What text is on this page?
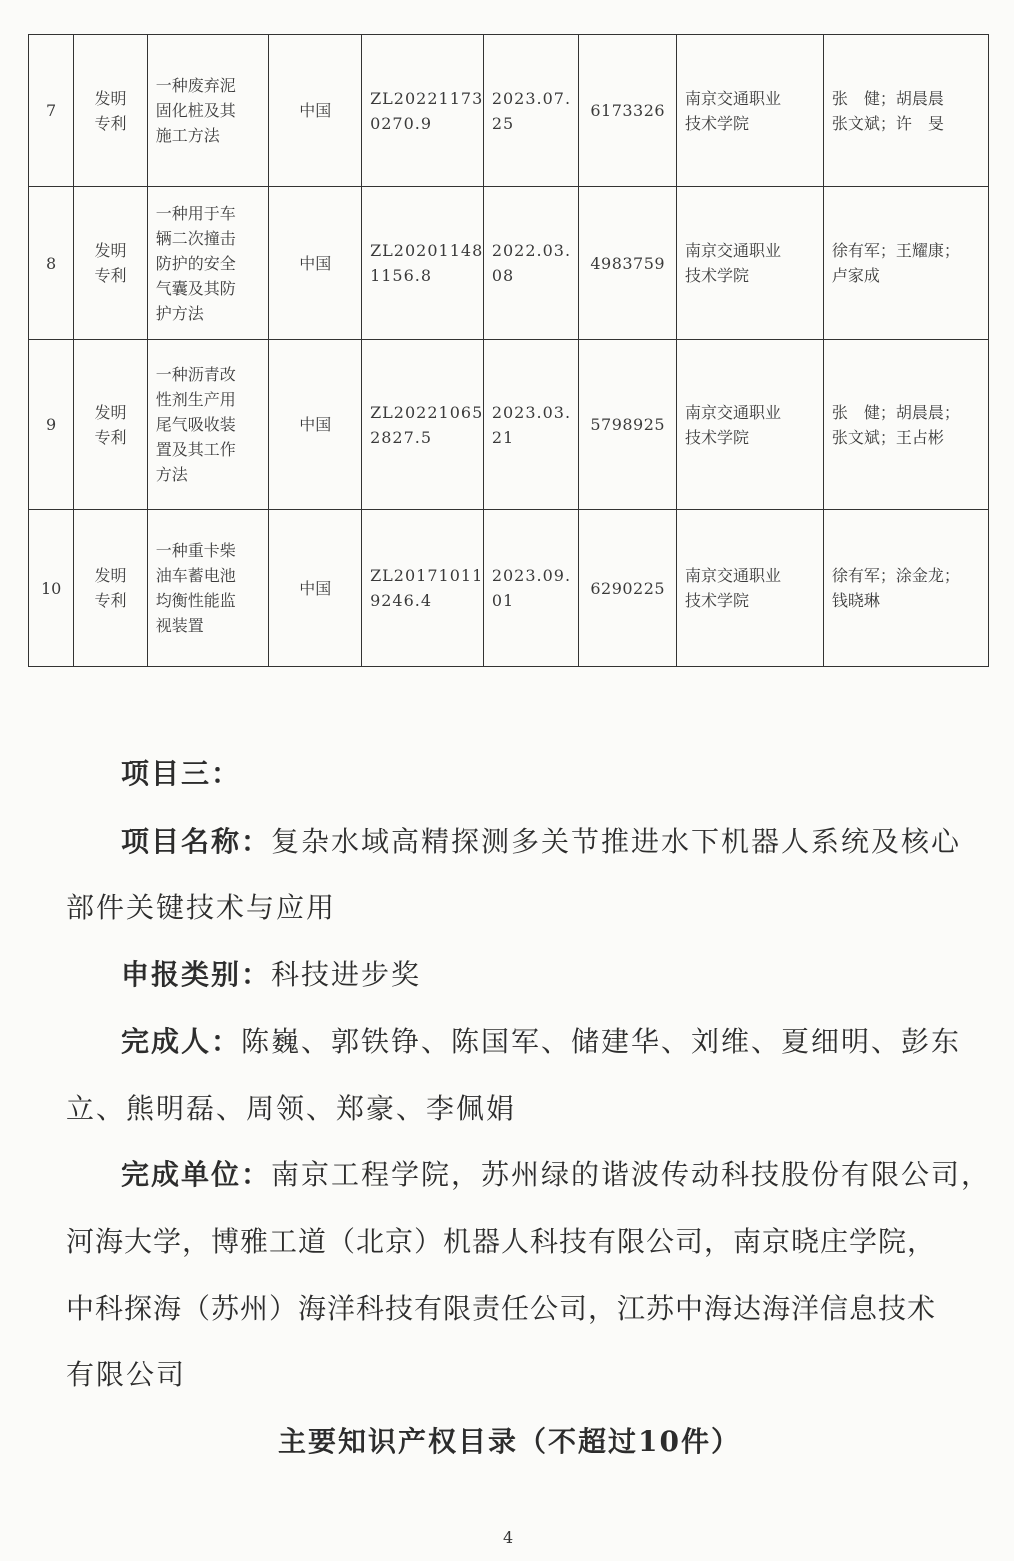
7	发明
专利	一种废弃泥
固化桩及其
施工方法	中国	ZL20221173
0270.9	2023.07.
25	6173326	南京交通职业
技术学院	张　健；胡晨晨
张文斌；许　旻

8	发明
专利	一种用于车
辆二次撞击
防护的安全
气囊及其防
护方法	中国	ZL20201148
1156.8	2022.03.
08	4983759	南京交通职业
技术学院	徐有军；王耀康；
卢家成

9	发明
专利	一种沥青改
性剂生产用
尾气吸收装
置及其工作
方法	中国	ZL20221065
2827.5	2023.03.
21	5798925	南京交通职业
技术学院	张　健；胡晨晨；
张文斌；王占彬

10	发明
专利	一种重卡柴
油车蓄电池
均衡性能监
视装置	中国	ZL20171011
9246.4	2023.09.
01	6290225	南京交通职业
技术学院	徐有军；涂金龙；
钱晓琳
项目三：
项目名称：复杂水域高精探测多关节推进水下机器人系统及核心
部件关键技术与应用
申报类别：科技进步奖
完成人：陈巍、郭铁铮、陈国军、储建华、刘维、夏细明、彭东
立、熊明磊、周领、郑豪、李佩娟
完成单位：南京工程学院，苏州绿的谐波传动科技股份有限公司，
河海大学，博雅工道（北京）机器人科技有限公司，南京晓庄学院，
中科探海（苏州）海洋科技有限责任公司，江苏中海达海洋信息技术
有限公司
主要知识产权目录（不超过10件）
4
